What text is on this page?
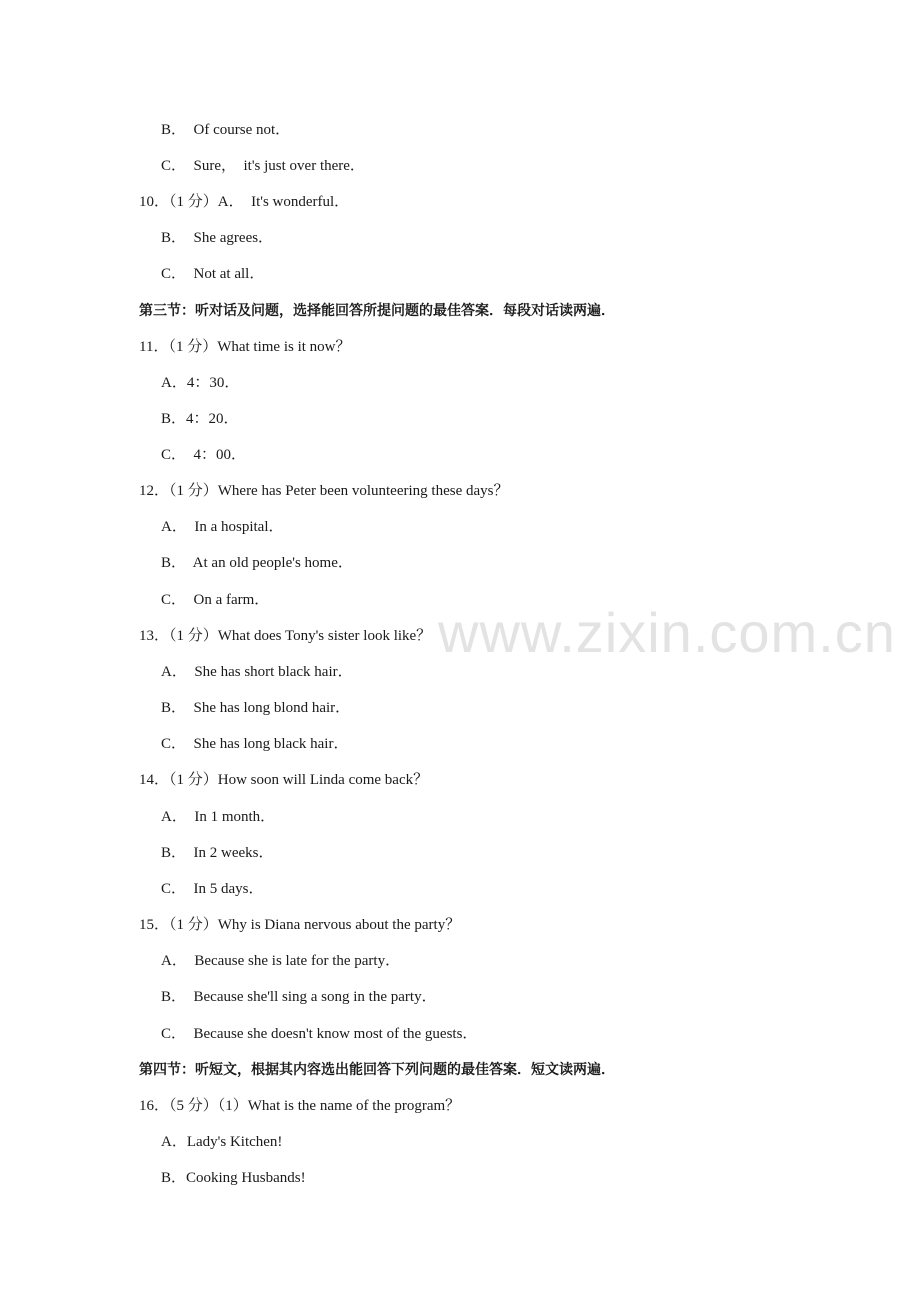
www.zixin.com.cn
B．  Of course not．
C．  Sure，  it's just over there．
10．（1 分）A．  It's wonderful．
B．  She agrees．
C．  Not at all．
第三节：听对话及问题，选择能回答所提问题的最佳答案．每段对话读两遍．
11．（1 分）What time is it now？
A．4：30．
B．4：20．
C．  4：00．
12．（1 分）Where has Peter been volunteering these days？
A．  In a hospital．
B．  At an old people's home．
C．  On a farm．
13．（1 分）What does Tony's sister look like？
A．  She has short black hair．
B．  She has long blond hair．
C．  She has long black hair．
14．（1 分）How soon will Linda come back？
A．  In 1 month．
B．  In 2 weeks．
C．  In 5 days．
15．（1 分）Why is Diana nervous about the party？
A．  Because she is late for the party．
B．  Because she'll sing a song in the party．
C．  Because she doesn't know most of the guests．
第四节：听短文，根据其内容选出能回答下列问题的最佳答案．短文读两遍．
16．（5 分）（1）What is the name of the program？
A．Lady's Kitchen!
B．Cooking Husbands!
